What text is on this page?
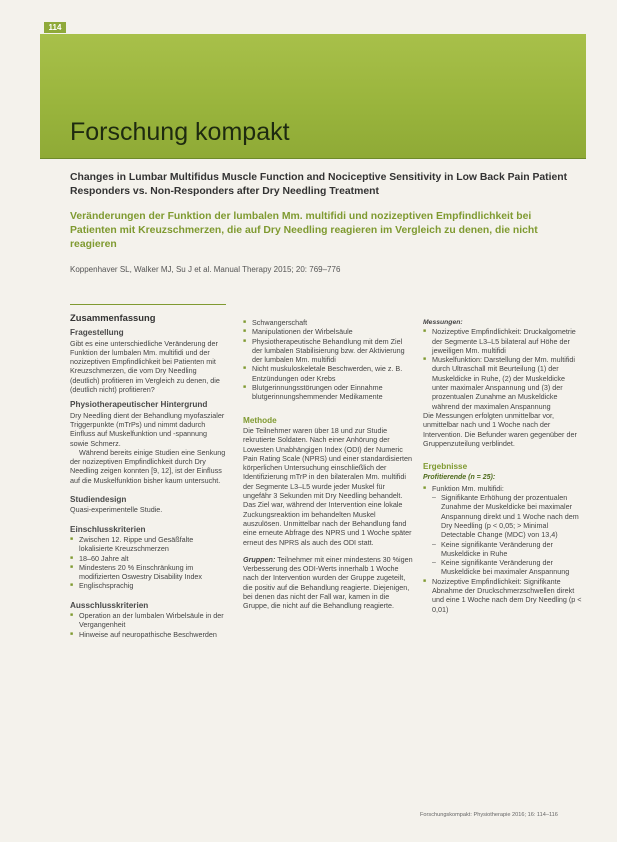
114
Forschung kompakt
Changes in Lumbar Multifidus Muscle Function and Nociceptive Sensitivity in Low Back Pain Patient Responders vs. Non-Responders after Dry Needling Treatment
Veränderungen der Funktion der lumbalen Mm. multifidi und nozizeptiven Empfindlichkeit bei Patienten mit Kreuzschmerzen, die auf Dry Needling reagieren im Vergleich zu denen, die nicht reagieren
Koppenhaver SL, Walker MJ, Su J et al. Manual Therapy 2015; 20: 769–776
Zusammenfassung
Fragestellung

Gibt es eine unterschiedliche Veränderung der Funktion der lumbalen Mm. multifidi und der nozizeptiven Empfindlichkeit bei Patienten mit Kreuzschmerzen, die vom Dry Needling (deutlich) profitieren im Vergleich zu denen, die (deutlich nicht) profitieren?

Physiotherapeutischer Hintergrund

Dry Needling dient der Behandlung myofaszialer Triggerpunkte (mTrPs) und nimmt dadurch Einfluss auf Muskelfunktion und -spannung sowie Schmerz.

Während bereits einige Studien eine Senkung der nozizeptiven Empfindlichkeit durch Dry Needling zeigen konnten [9, 12], ist der Einfluss auf die Muskelfunktion bisher kaum untersucht.

Studiendesign

Quasi-experimentelle Studie.

Einschlusskriterien
■ Zwischen 12. Rippe und Gesäßfalte lokalisierte Kreuzschmerzen
■ 18–60 Jahre alt
■ Mindestens 20 % Einschränkung im modifizierten Oswestry Disability Index
■ Englischsprachig
Ausschlusskriterien
■ Operation an der lumbalen Wirbelsäule in der Vergangenheit
■ Hinweise auf neuropathische Beschwerden
■ Schwangerschaft
■ Manipulationen der Wirbelsäule
■ Physiotherapeutische Behandlung mit dem Ziel der lumbalen Stabilisierung bzw. der Aktivierung der lumbalen Mm. multifidi
■ Nicht muskuloskeletale Beschwerden, wie z. B. Entzündungen oder Krebs
■ Blutgerinnungsstörungen oder Einnahme blutgerinnungshemmender Medikamente
Methode

Die Teilnehmer waren über 18 und zur Studie rekrutierte Soldaten. Nach einer Anhörung der Lowesten Unabhängigen Index (ODI) der Numeric Pain Rating Scale (NPRS) und einer standardisierten körperlichen Untersuchung einschließlich der Identifizierung mTrP in den bilateralen Mm. multifidi der Segmente L3–L5 wurde jeder Muskel für ungefähr 3 Sekunden mit Dry Needling behandelt. Das Ziel war, während der Intervention eine lokale Zuckungsreaktion im behandelten Muskel auszulösen. Unmittelbar nach der Behandlung fand eine erneute Abfrage des NPRS und 1 Woche später erneut des NPRS als auch des ODI statt.

Gruppen: Teilnehmer mit einer mindestens 30 %igen Verbesserung des ODI-Werts innerhalb 1 Woche nach der Intervention wurden der Gruppe zugeteilt, die positiv auf die Behandlung reagierte. Diejenigen, bei denen das nicht der Fall war, kamen in die Gruppe, die nicht auf die Behandlung reagierte.

Messungen:

■ Nozizeptive Empfindlichkeit: Druckalgometrie der Segmente L3–L5 bilateral auf Höhe der jeweiligen Mm. multifidi
■ Muskelfunktion: Darstellung der Mm. multifidi durch Ultraschall mit Beurteilung (1) der Muskeldicke in Ruhe, (2) der Muskeldicke unter maximaler Anspannung und (3) der prozentualen Zunahme an Muskeldicke während der maximalen Anspannung

Die Messungen erfolgten unmittelbar vor, unmittelbar nach und 1 Woche nach der Intervention. Die Befunder waren gegenüber der Gruppenzuteilung verblindet.

Ergebnisse
Profitierende (n = 25):
■ Funktion Mm. multifidi:
– Signifikante Erhöhung der prozentualen Zunahme der Muskeldicke bei maximaler Anspannung direkt und 1 Woche nach dem Dry Needling (p < 0,05; > Minimal Detectable Change (MDC) von 13,4)
– Keine signifikante Veränderung der Muskeldicke in Ruhe
– Keine signifikante Veränderung der Muskeldicke bei maximaler Anspannung
■ Nozizeptive Empfindlichkeit: Signifikante Abnahme der Druckschmerzschwellen direkt und eine 1 Woche nach dem Dry Needling (p < 0,01)
Forschungskompakt: Physiotherapie 2016; 16: 114–116
